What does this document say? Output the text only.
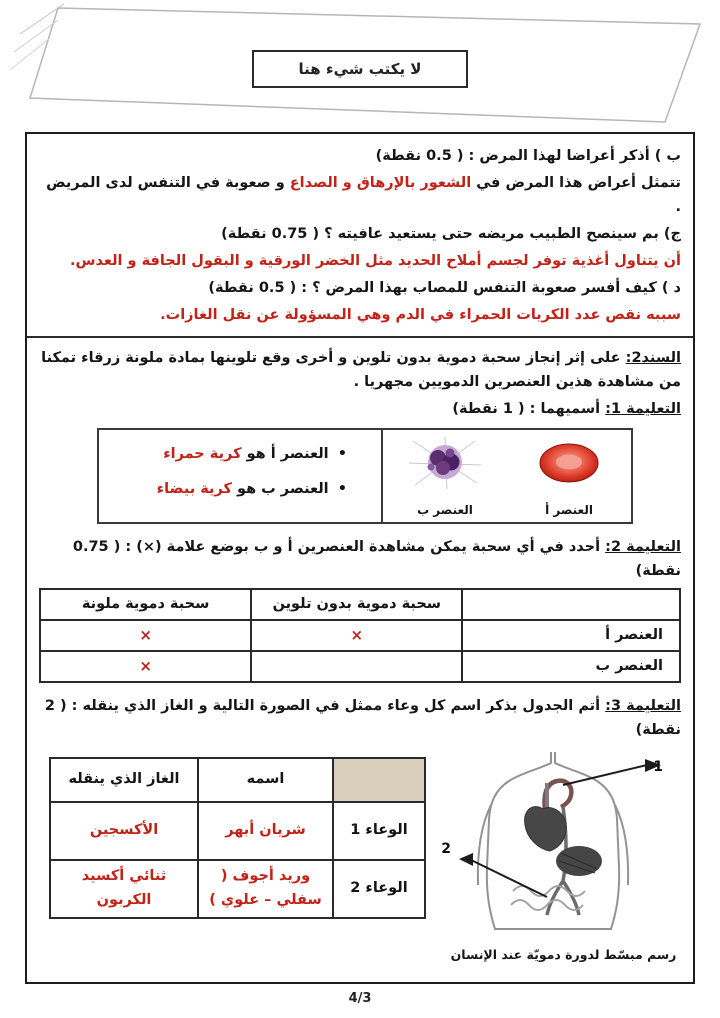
لا يكتب شيء هنا

ب ) أذكر أعراضا لهذا المرض : ( 0.5 نقطة)

تتمثل أعراض هذا المرض في الشعور بالإرهاق و الصداع و صعوبة في التنفس لدى المريض .

ج) بم سينصح الطبيب مريضه حتى يستعيد عافيته ؟ ( 0.75 نقطة)

أن يتناول أغذية توفر لجسم أملاح الحديد مثل الخضر الورقية و البقول الجافة و العدس.

د ) كيف أفسر صعوبة التنفس للمصاب بهذا المرض ؟ : ( 0.5 نقطة)

سببه نقص عدد الكريات الحمراء في الدم وهي المسؤولة عن نقل الغازات.

السند2: على إثر إنجاز سحبة دموية بدون تلوين و أخرى وقع تلوينها بمادة ملونة زرقاء تمكنا من مشاهدة هذين العنصرين الدمويين مجهريا .

التعليمة 1: أسميهما : ( 1 نقطة)

العنصر أ
العنصر ب

• العنصر أ هو كرية حمراء

• العنصر ب هو كرية بيضاء

التعليمة 2: أحدد في أي سحبة يمكن مشاهدة العنصرين أ و ب بوضع علامة (×) : ( 0.75 نقطة)

	سحبة دموية بدون تلوين	سحبة دموية ملونة
العنصر أ	×	×
العنصر ب		×

التعليمة 3: أتم الجدول بذكر اسم كل وعاء ممثل في الصورة التالية و الغاز الذي ينقله : ( 2 نقطة)

1
2
رسم مبسّط لدورة دمويّة عند الإنسان
	اسمه	الغاز الذي ينقله
الوعاء 1	شريان أبهر	الأكسجين
الوعاء 2	وريد أجوف ( سفلي – علوي )	ثنائي أكسيد الكربون
4/3
